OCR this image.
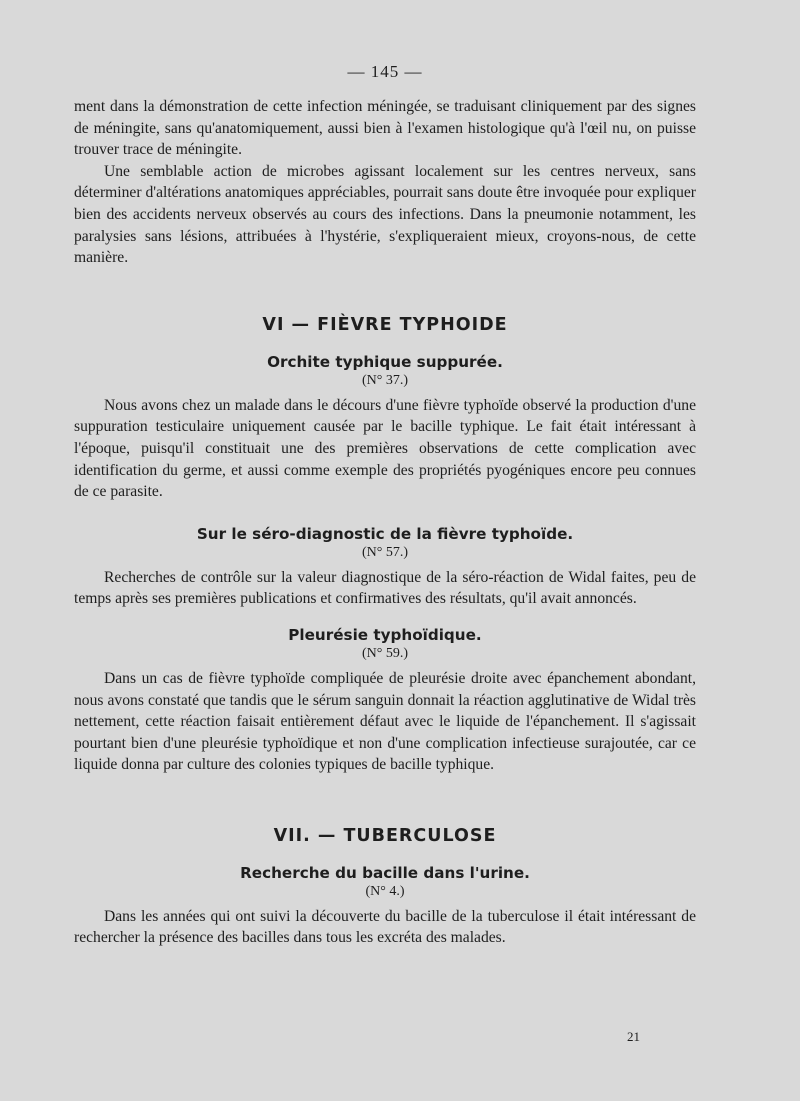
— 145 —

ment dans la démonstration de cette infection méningée, se traduisant cliniquement par des signes de méningite, sans qu'anatomiquement, aussi bien à l'examen histologique qu'à l'œil nu, on puisse trouver trace de méningite.

Une semblable action de microbes agissant localement sur les centres nerveux, sans déterminer d'altérations anatomiques appréciables, pourrait sans doute être invoquée pour expliquer bien des accidents nerveux observés au cours des infections. Dans la pneumonie notamment, les paralysies sans lésions, attribuées à l'hystérie, s'expliqueraient mieux, croyons-nous, de cette manière.

VI — FIÈVRE TYPHOIDE
Orchite typhique suppurée.
(N° 37.)

Nous avons chez un malade dans le décours d'une fièvre typhoïde observé la production d'une suppuration testiculaire uniquement causée par le bacille typhique. Le fait était intéressant à l'époque, puisqu'il constituait une des premières observations de cette complication avec identification du germe, et aussi comme exemple des propriétés pyogéniques encore peu connues de ce parasite.

Sur le séro-diagnostic de la fièvre typhoïde.
(N° 57.)

Recherches de contrôle sur la valeur diagnostique de la séro-réaction de Widal faites, peu de temps après ses premières publications et confirmatives des résultats, qu'il avait annoncés.

Pleurésie typhoïdique.
(N° 59.)

Dans un cas de fièvre typhoïde compliquée de pleurésie droite avec épanchement abondant, nous avons constaté que tandis que le sérum sanguin donnait la réaction agglutinative de Widal très nettement, cette réaction faisait entièrement défaut avec le liquide de l'épanchement. Il s'agissait pourtant bien d'une pleurésie typhoïdique et non d'une complication infectieuse surajoutée, car ce liquide donna par culture des colonies typiques de bacille typhique.

VII. — TUBERCULOSE
Recherche du bacille dans l'urine.
(N° 4.)

Dans les années qui ont suivi la découverte du bacille de la tuberculose il était intéressant de rechercher la présence des bacilles dans tous les excréta des malades.

21
